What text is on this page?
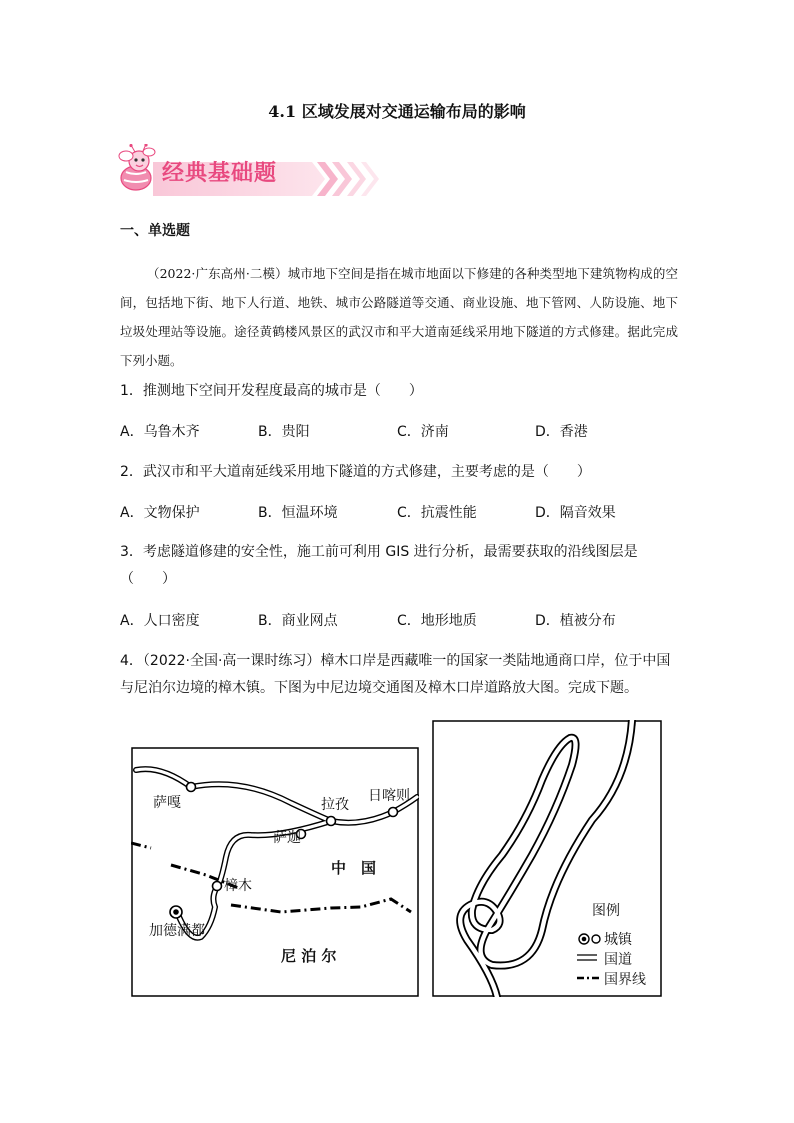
4.1 区域发展对交通运输布局的影响
经典基础题
一、单选题
（2022·广东高州·二模）城市地下空间是指在城市地面以下修建的各种类型地下建筑物构成的空间，包括地下街、地下人行道、地铁、城市公路隧道等交通、商业设施、地下管网、人防设施、地下垃圾处理站等设施。途径黄鹤楼风景区的武汉市和平大道南延线采用地下隧道的方式修建。据此完成下列小题。
1．推测地下空间开发程度最高的城市是（　　）
A．乌鲁木齐	B．贵阳	C．济南	D．香港
2．武汉市和平大道南延线采用地下隧道的方式修建，主要考虑的是（　　）
A．文物保护	B．恒温环境	C．抗震性能	D．隔音效果
3．考虑隧道修建的安全性，施工前可利用 GIS 进行分析，最需要获取的沿线图层是（　　）
A．人口密度	B．商业网点	C．地形地质	D．植被分布
4．（2022·全国·高一课时练习）樟木口岸是西藏唯一的国家一类陆地通商口岸，位于中国与尼泊尔边境的樟木镇。下图为中尼边境交通图及樟木口岸道路放大图。完成下题。
萨嘎	拉孜
日喀则
萨迦
樟木
加德满都
中　国
尼 泊 尔
图例
城镇
国道
国界线
